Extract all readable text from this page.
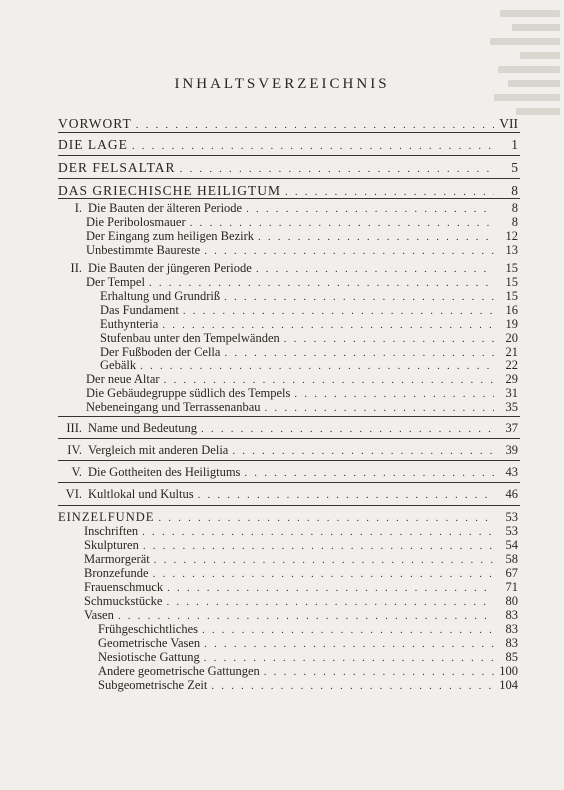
INHALTSVERZEICHNIS
VORWORT . . .	VII
DIE LAGE . . .	1
DER FELSALTAR . . .	5
DAS GRIECHISCHE HEILIGTUM . . .	8
I. Die Bauten der älteren Periode . . .	8
Die Peribolosmauer . . .	8
Der Eingang zum heiligen Bezirk . . .	12
Unbestimmte Baureste . . .	13
II. Die Bauten der jüngeren Periode . . .	15
Der Tempel . . .	15
Erhaltung und Grundriß . . .	15
Das Fundament . . .	16
Euthynteria . . .	19
Stufenbau unter den Tempelwänden . . .	20
Der Fußboden der Cella . . .	21
Gebälk . . .	22
Der neue Altar . . .	29
Die Gebäudegruppe südlich des Tempels . . .	31
Nebeneingang und Terrassenanbau . . .	35
III. Name und Bedeutung . . .	37
IV. Vergleich mit anderen Delia . . .	39
V. Die Gottheiten des Heiligtums . . .	43
VI. Kultlokal und Kultus . . .	46
EINZELFUNDE . . .	53
Inschriften . . .	53
Skulpturen . . .	54
Marmorgerät . . .	58
Bronzefunde . . .	67
Frauenschmuck . . .	71
Schmuckstücke . . .	80
Vasen . . .	83
Frühgeschichtliches . . .	83
Geometrische Vasen . . .	83
Nesiotische Gattung . . .	85
Andere geometrische Gattungen . . .	100
Subgeometrische Zeit . . .	104
